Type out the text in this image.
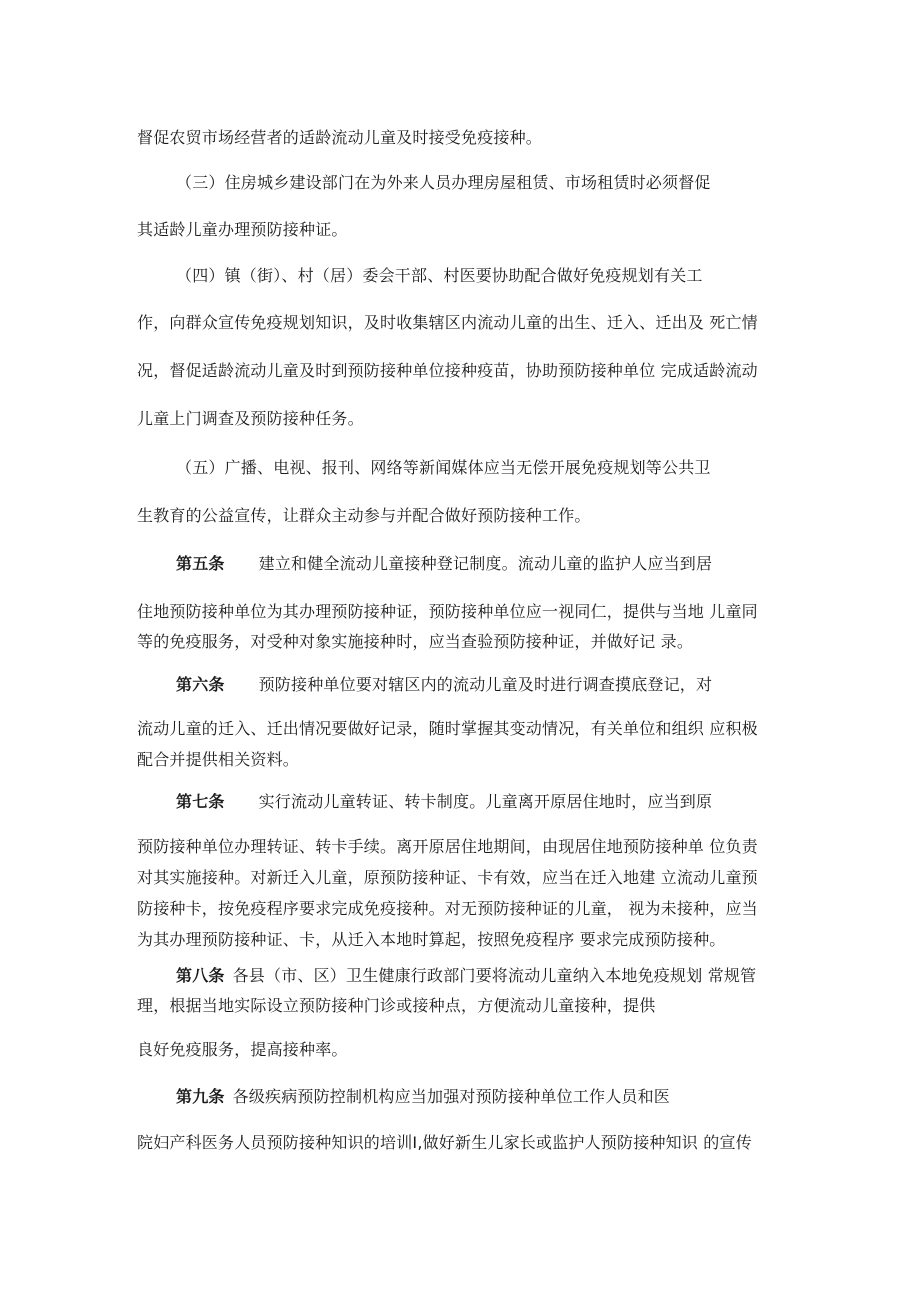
督促农贸市场经营者的适龄流动儿童及时接受免疫接种。
（三）住房城乡建设部门在为外来人员办理房屋租赁、市场租赁时必须督促
其适龄儿童办理预防接种证。
（四）镇（街）、村（居）委会干部、村医要协助配合做好免疫规划有关工
作，向群众宣传免疫规划知识，及时收集辖区内流动儿童的出生、迁入、迁出及 死亡情
况，督促适龄流动儿童及时到预防接种单位接种疫苗，协助预防接种单位 完成适龄流动
儿童上门调查及预防接种任务。
（五）广播、电视、报刊、网络等新闻媒体应当无偿开展免疫规划等公共卫
生教育的公益宣传，让群众主动参与并配合做好预防接种工作。
第五条 建立和健全流动儿童接种登记制度。流动儿童的监护人应当到居
住地预防接种单位为其办理预防接种证，预防接种单位应一视同仁，提供与当地 儿童同
等的免疫服务，对受种对象实施接种时，应当查验预防接种证，并做好记 录。
第六条 预防接种单位要对辖区内的流动儿童及时进行调查摸底登记，对
流动儿童的迁入、迁出情况要做好记录，随时掌握其变动情况，有关单位和组织 应积极
配合并提供相关资料。
第七条 实行流动儿童转证、转卡制度。儿童离开原居住地时，应当到原
预防接种单位办理转证、转卡手续。离开原居住地期间，由现居住地预防接种单 位负责
对其实施接种。对新迁入儿童，原预防接种证、卡有效，应当在迁入地建 立流动儿童预
防接种卡，按免疫程序要求完成免疫接种。对无预防接种证的儿童， 视为未接种，应当
为其办理预防接种证、卡，从迁入本地时算起，按照免疫程序 要求完成预防接种。
第八条 各县（市、区）卫生健康行政部门要将流动儿童纳入本地免疫规划 常规管
理，根据当地实际设立预防接种门诊或接种点，方便流动儿童接种，提供
良好免疫服务，提高接种率。
第九条 各级疾病预防控制机构应当加强对预防接种单位工作人员和医
院妇产科医务人员预防接种知识的培训I,做好新生儿家长或监护人预防接种知识 的宣传
